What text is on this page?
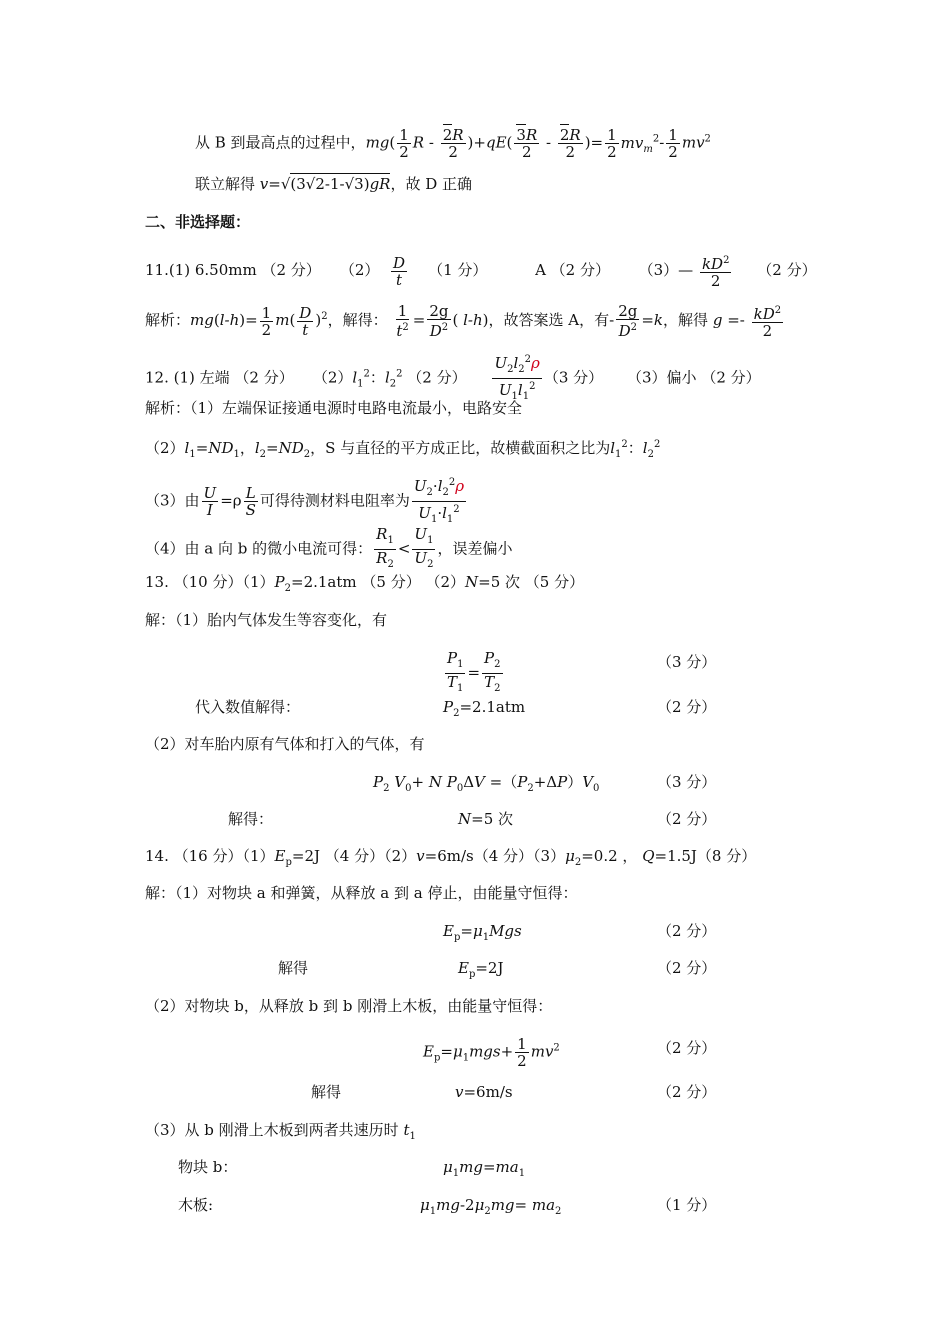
从 B 到最高点的过程中，$mg( \frac{1}{2}$ $R - \frac{2R}{2} )+qE( \frac{3R}{2} - \frac{2R}{2}$ )= $\frac{1}{2} mv_m^2- \frac{1}{2} mv^2$
联立解得 v=√(3√2-1-√3)gR，故 D 正确
二、非选择题：
11.(1) 6.50mm （2 分） $(2) \frac{D}{t} (1$ 分）	A （2 分） （3）— $\frac{kD^2}{2} (2$ 分）
解析：$mg(l-h)= \frac{1}{2} m( \frac{D}{t} )^2$，解得： $\frac{1}{t^2} = \frac{2g}{D^2}$ ( l-h)，故答案选 A，有- $\frac{2g}{D^2} =k$，解得 $g =- \frac{kD^2}{2}$
12. (1) 左端 （2 分） $(2)l_1^2$：$l_2^2$ （2 分） $\frac{U_2l_2^2\rho}{U_1l_1^2} (3$ 分） （3）偏小 （2 分）
解析：（1）左端保证接通电源时电路电流最小，电路安全
$(2)l_1=ND_1$，$l_2=ND_2$，S 与直径的平方成正比，故横截面积之比为$l_1^2$：$l_2^2$
（3）由 $\frac{U}{I} =\rho \frac{L}{S}$ 可得待测材料电阻率为 $\frac{U_2\cdot l_2^2\rho}{U_1\cdot l_1^2}$
（4）由 a 向 b 的微小电流可得： $\frac{R_1}{R_2} < \frac{U_1}{U_2}$ ，误差偏小
13. （10 分）$(1)P_2=2.1atm$ （5 分） （2）N=5 次 （5 分）
解：（1）胎内气体发生等容变化，有
$\frac{P_1}{T_1} = \frac{P_2}{T_2}$	（3 分）
代入数值解得：	$P_2=2.1atm$	（2 分）
（2）对车胎内原有气体和打入的气体，有
$P_2$ $V_0+ N$ $P_0\Delta V =(P_2+\Delta P)V_0$	（3 分）
解得：	N=5 次	（2 分）
14. （16 分）$(1)E_p=2J$ （4 分）（2）v=6m/s（4 分）$(3)\mu_2=0.2$ ， Q=1.5J（8 分）
解：（1）对物块 a 和弹簧，从释放 a 到 a 停止，由能量守恒得：
$E_p=\mu_1Mgs$	（2 分）
解得	$E_p=2J$	（2 分）
（2）对物块 b，从释放 b 到 b 刚滑上木板，由能量守恒得：
$E_p=\mu_1mgs+ \frac{1}{2} mv^2$	（2 分）
解得	v=6m/s	（2 分）
（3）从 b 刚滑上木板到两者共速历时 $t_1$
物块 b：	$\mu_1mg=ma_1$
木板:	$\mu_1mg-2\mu_2mg= ma_2$	（1 分）
